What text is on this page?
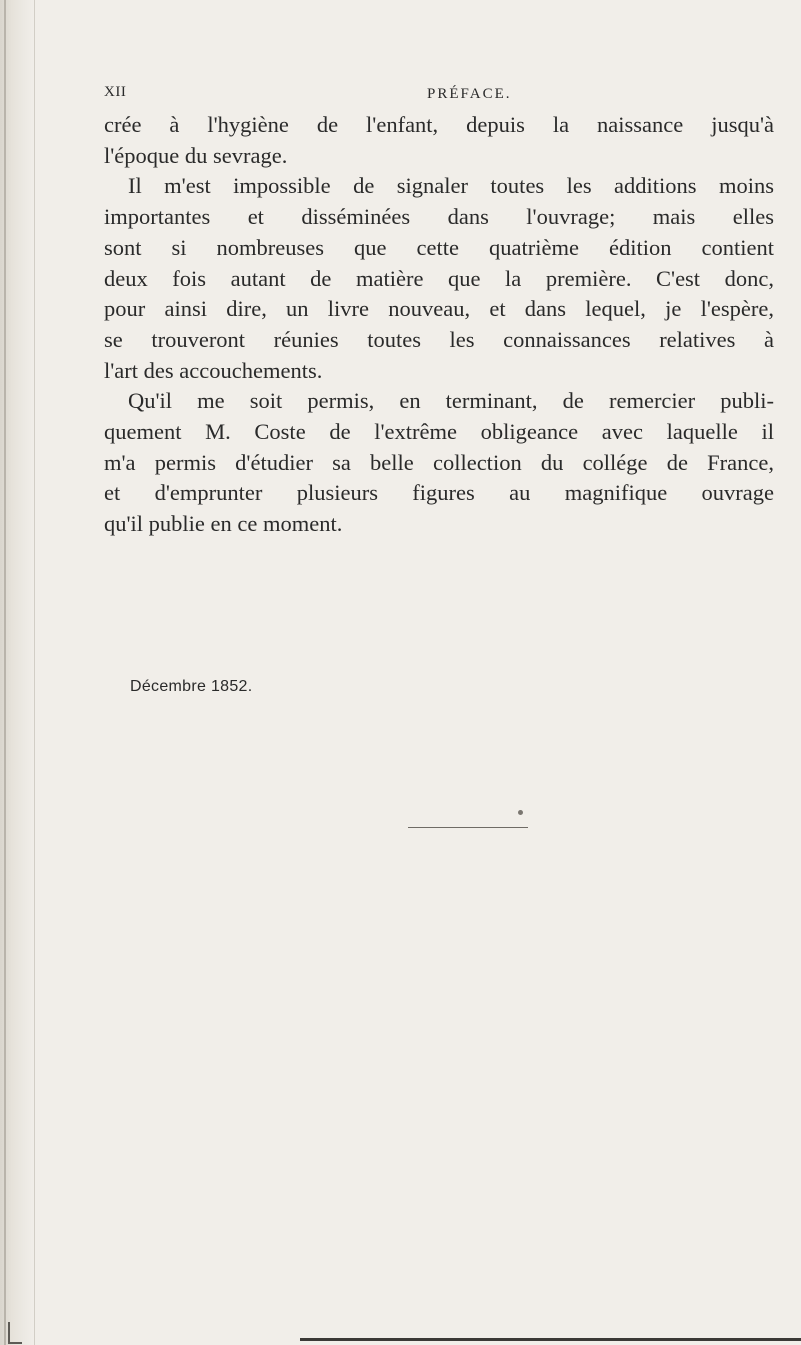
XII	PRÉFACE.
crée à l'hygiène de l'enfant, depuis la naissance jusqu'à
l'époque du sevrage.
Il m'est impossible de signaler toutes les additions moins
importantes et disséminées dans l'ouvrage; mais elles
sont si nombreuses que cette quatrième édition contient
deux fois autant de matière que la première. C'est donc,
pour ainsi dire, un livre nouveau, et dans lequel, je l'espère,
se trouveront réunies toutes les connaissances relatives à
l'art des accouchements.
Qu'il me soit permis, en terminant, de remercier publi-
quement M. Coste de l'extrême obligeance avec laquelle il
m'a permis d'étudier sa belle collection du collége de France,
et d'emprunter plusieurs figures au magnifique ouvrage
qu'il publie en ce moment.
Décembre 1852.
